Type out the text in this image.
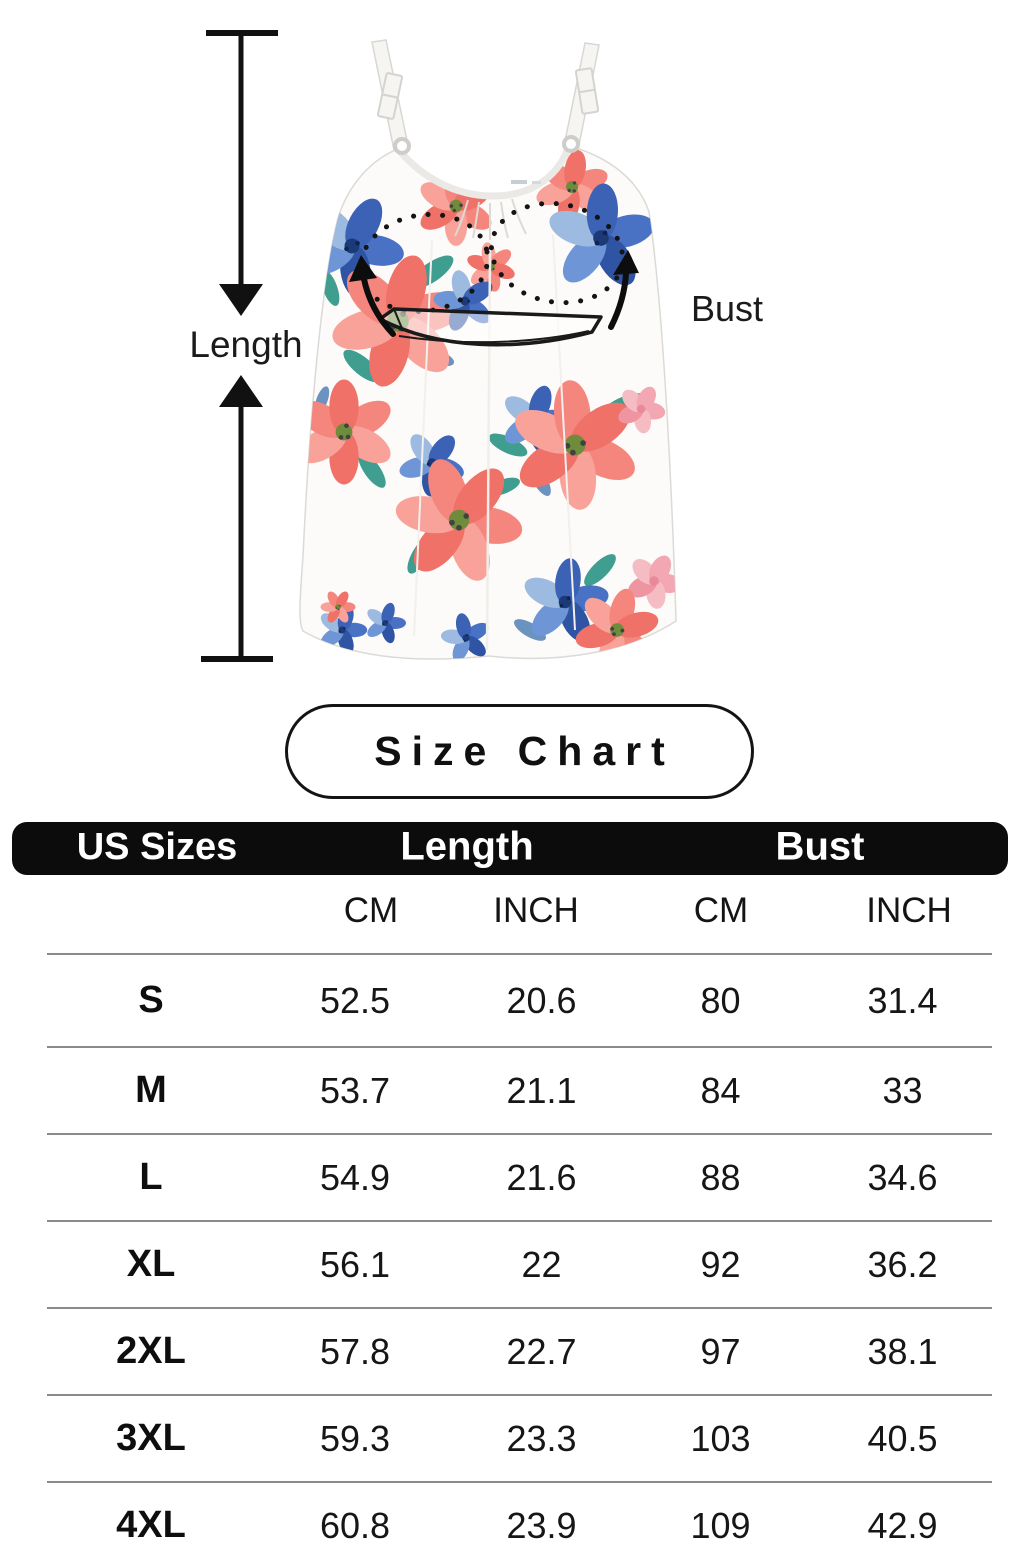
Length
Bust
Size Chart
US Sizes	Length	Bust
CM	INCH	CM	INCH
S	52.5	20.6	80	31.4
M	53.7	21.1	84	33
L	54.9	21.6	88	34.6
XL	56.1	22	92	36.2
2XL	57.8	22.7	97	38.1
3XL	59.3	23.3	103	40.5
4XL	60.8	23.9	109	42.9
